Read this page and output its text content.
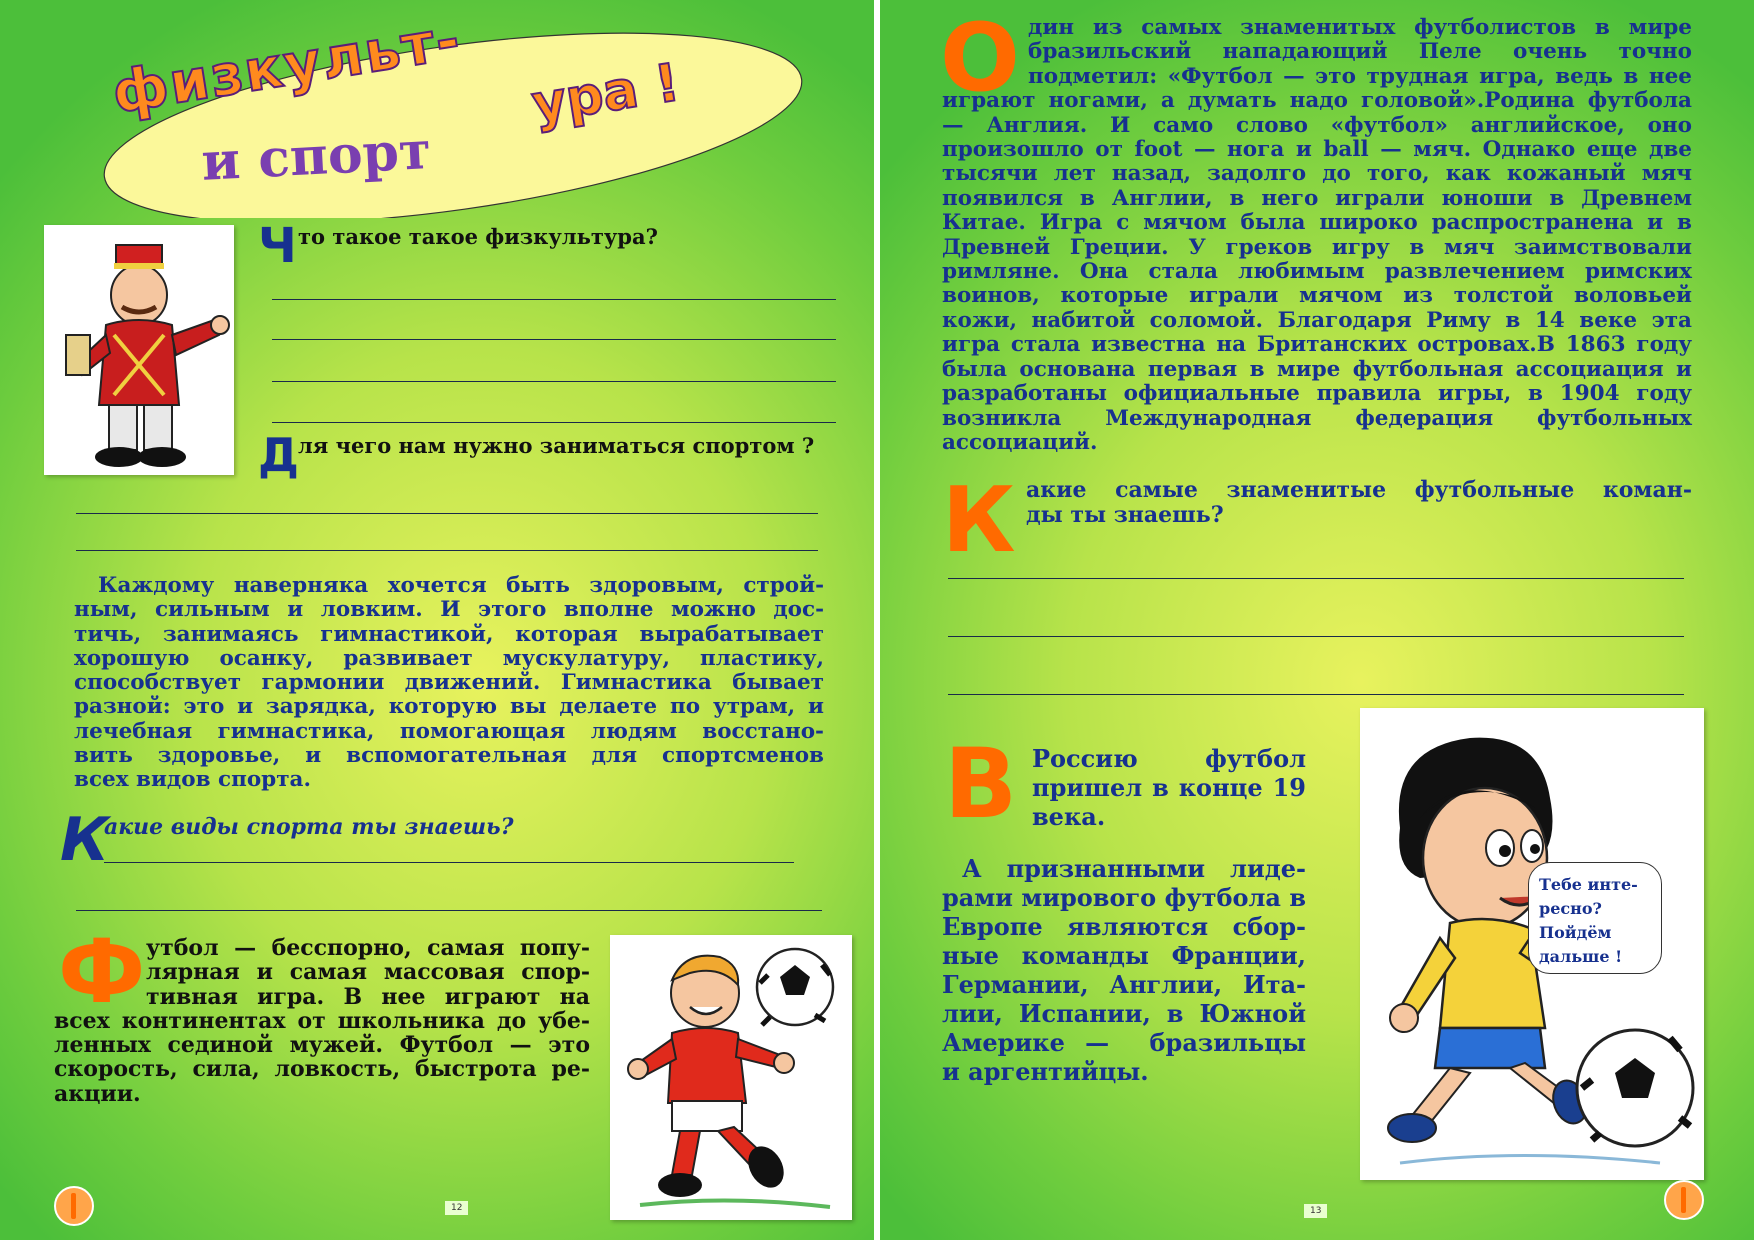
физкульт- ура !
и спорт
Ч то такое такое физкультура?
Д ля чего нам нужно заниматься спортом ?
Каждому наверняка хочется быть здоровым, строй-
ным, сильным и ловким. И этого вполне можно дос-
тичь, занимаясь гимнастикой, которая вырабатывает
хорошую осанку, развивает мускулатуру, пластику,
способствует гармонии движений. Гимнастика бывает
разной: это и зарядка, которую вы делаете по утрам, и
лечебная гимнастика, помогающая людям восстано-
вить здоровье, и вспомогательная для спортсменов
всех видов спорта.
К
акие виды спорта ты знаешь?
Ф утбол — бесспорно, самая попу-
лярная и самая массовая спор-
тивная игра. В нее играют на
всех континентах от школьника до убе-
ленных сединой мужей. Футбол — это
скорость, сила, ловкость, быстрота ре-
акции.
12
О дин из самых знаменитых футболистов в мире
бразильский нападающий Пеле очень точно
подметил: «Футбол — это трудная игра, ведь в нее
играют ногами, а думать надо головой».Родина футбола
— Англия. И само слово «футбол» английское, оно
произошло от foot — нога и ball — мяч. Однако еще две
тысячи лет назад, задолго до того, как кожаный мяч
появился в Англии, в него играли юноши в Древнем
Китае. Игра с мячом была широко распространена и в
Древней Греции. У греков игру в мяч заимствовали
римляне. Она стала любимым развлечением римских
воинов, которые играли мячом из толстой воловьей
кожи, набитой соломой. Благодаря Риму в 14 веке эта
игра стала известна на Британских островах.В 1863 году
была основана первая в мире футбольная ассоциация и
разработаны официальные правила игры, в 1904 году
возникла Международная федерация футбольных
ассоциаций.
К акие самые знаменитые футбольные коман-
ды ты знаешь?
В Россию    футбол
пришел в конце 19
века.
А признанными лиде-
рами мирового футбола в
Европе являются сбор-
ные команды Франции,
Германии, Англии, Ита-
лии, Испании, в Южной
Америке —  бразильцы
и аргентийцы.
Тебе инте-
ресно?
Пойдём
дальше !
13
